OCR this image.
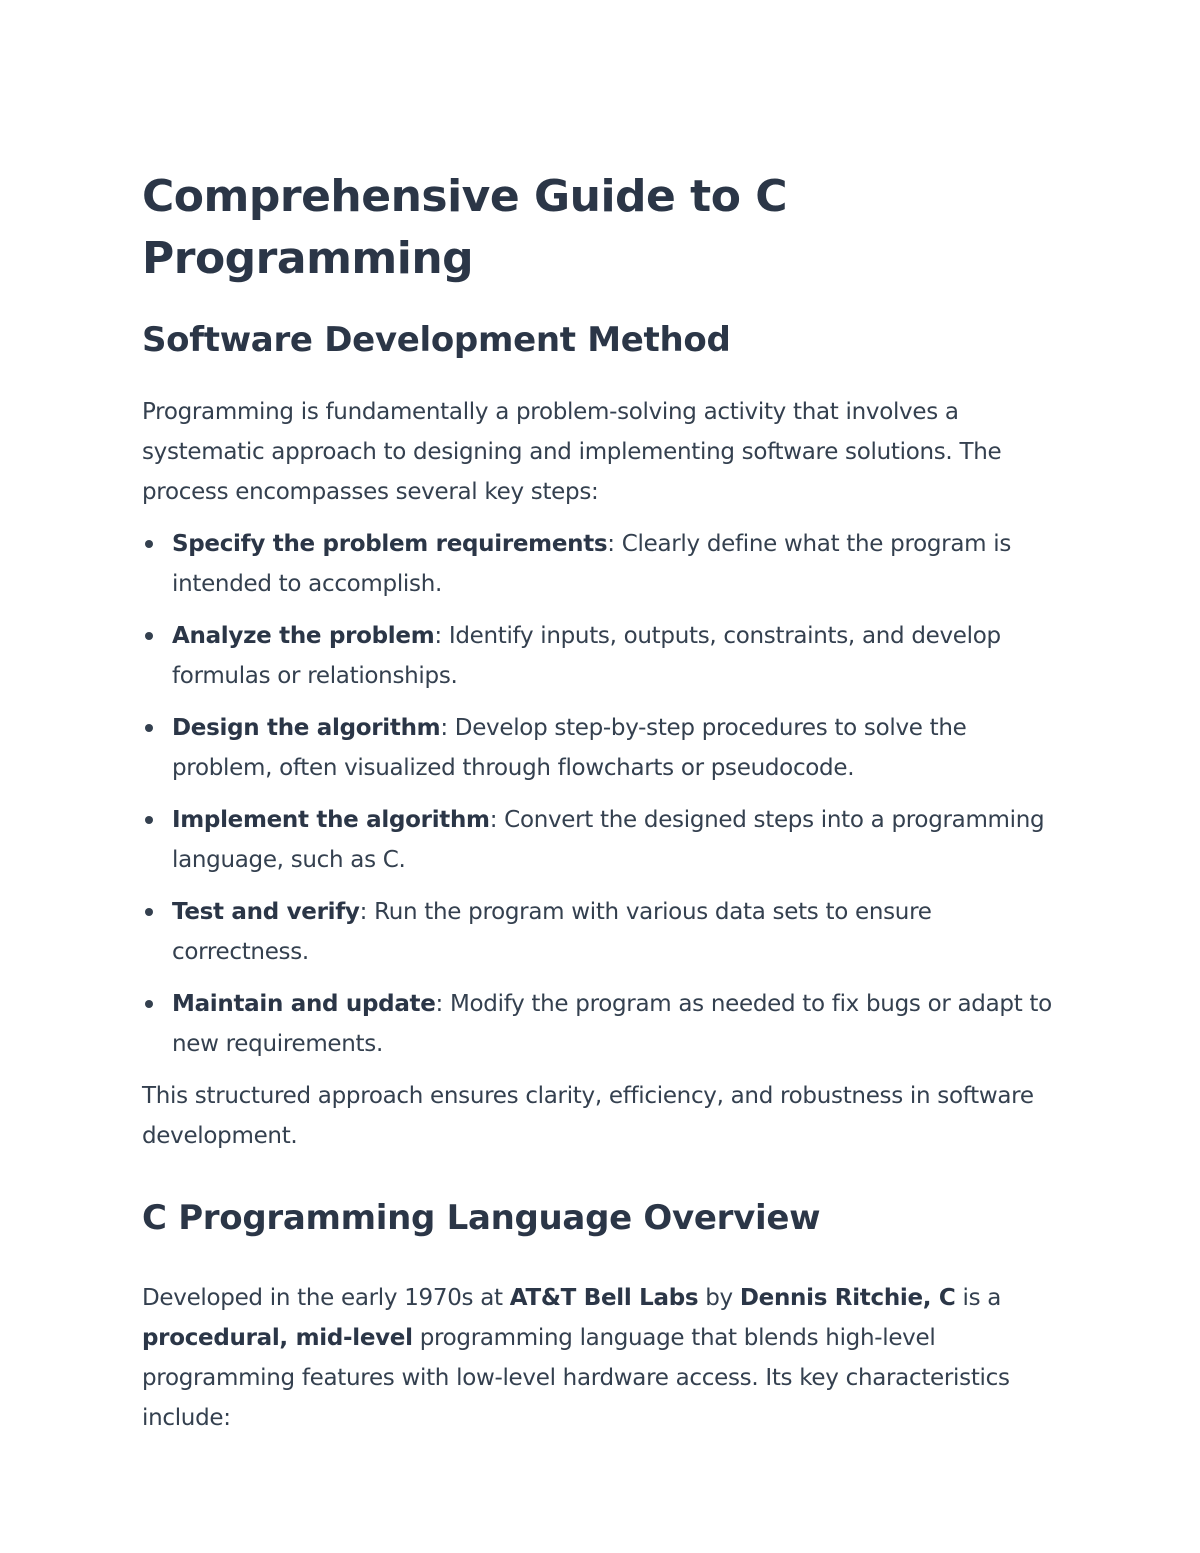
Comprehensive Guide to C Programming
Software Development Method

Programming is fundamentally a problem-solving activity that involves a systematic approach to designing and implementing software solutions. The process encompasses several key steps:

Specify the problem requirements: Clearly define what the program is intended to accomplish.
Analyze the problem: Identify inputs, outputs, constraints, and develop formulas or relationships.
Design the algorithm: Develop step-by-step procedures to solve the problem, often visualized through flowcharts or pseudocode.
Implement the algorithm: Convert the designed steps into a programming language, such as C.
Test and verify: Run the program with various data sets to ensure correctness.
Maintain and update: Modify the program as needed to fix bugs or adapt to new requirements.

This structured approach ensures clarity, efficiency, and robustness in software development.

C Programming Language Overview

Developed in the early 1970s at AT&T Bell Labs by Dennis Ritchie, C is a procedural, mid-level programming language that blends high-level programming features with low-level hardware access. Its key characteristics include:
